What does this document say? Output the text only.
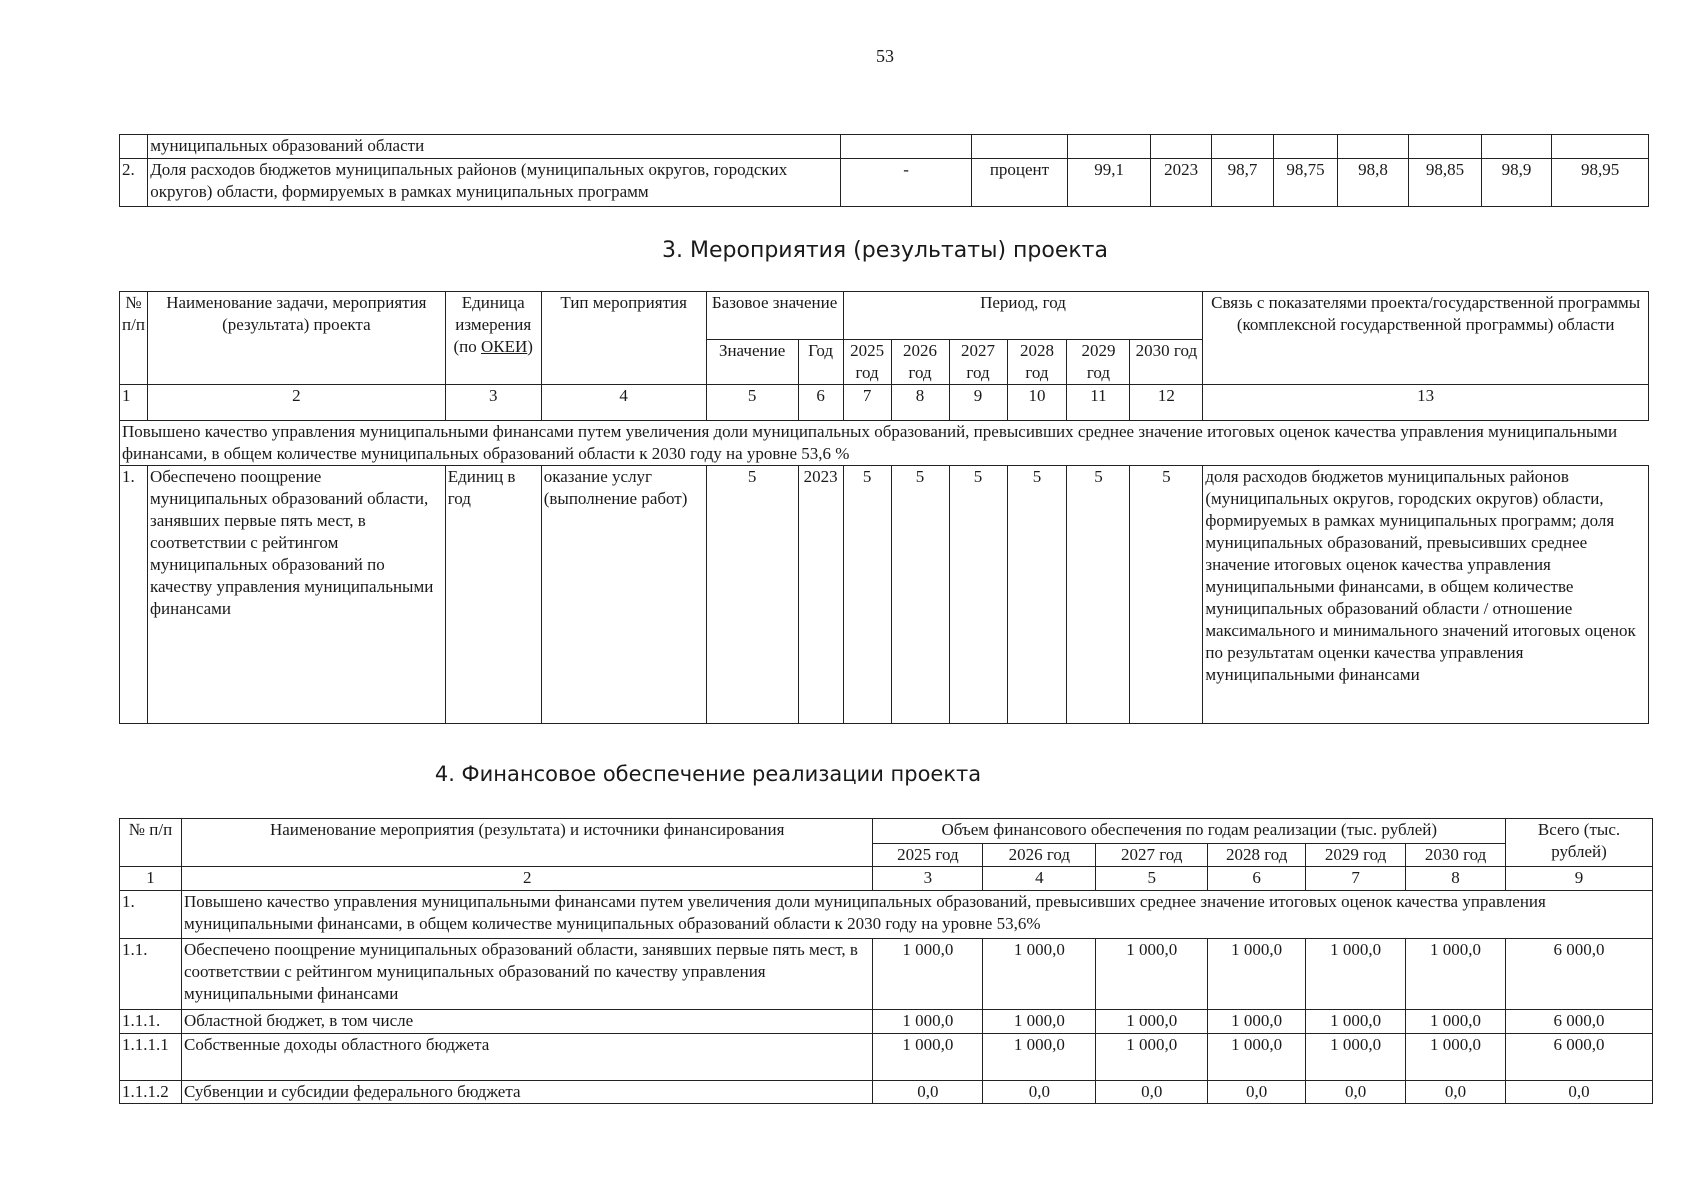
53
	муниципальных образований области										
2.	Доля расходов бюджетов муниципальных районов (муниципальных округов, городских округов) области, формируемых в рамках муниципальных программ	-	процент	99,1	2023	98,7	98,75	98,8	98,85	98,9	98,95
3. Мероприятия (результаты) проекта
№ п/п	Наименование задачи, мероприятия (результата) проекта	Единица измерения (по ОКЕИ)	Тип мероприятия	Базовое значение		Период, год						Связь с показателями проекта/государственной программы (комплексной государственной программы) области
				Значение	Год	2025 год	2026 год	2027 год	2028 год	2029 год	2030 год	
1	2	3	4	5	6	7	8	9	10	11	12	13
Повышено качество управления муниципальными финансами путем увеличения доли муниципальных образований, превысивших среднее значение итоговых оценок качества управления муниципальными финансами, в общем количестве муниципальных образований области к 2030 году на уровне 53,6 %												
1.	Обеспечено поощрение муниципальных образований области, занявших первые пять мест, в соответствии с рейтингом муниципальных образований по качеству управления муниципальными финансами	Единиц в год	оказание услуг (выполнение работ)	5	2023	5	5	5	5	5	5	доля расходов бюджетов муниципальных районов (муниципальных округов, городских округов) области, формируемых в рамках муниципальных программ; доля муниципальных образований, превысивших среднее значение итоговых оценок качества управления муниципальными финансами, в общем количестве муниципальных образований области / отношение максимального и минимального значений итоговых оценок по результатам оценки качества управления муниципальными финансами
4. Финансовое обеспечение реализации проекта
№ п/п	Наименование мероприятия (результата) и источники финансирования	Объем финансового обеспечения по годам реализации (тыс. рублей)						Всего (тыс. рублей)
		2025 год	2026 год	2027 год	2028 год	2029 год	2030 год	
1	2	3	4	5	6	7	8	9
1.	Повышено качество управления муниципальными финансами путем увеличения доли муниципальных образований, превысивших среднее значение итоговых оценок качества управления муниципальными финансами, в общем количестве муниципальных образований области к 2030 году на уровне 53,6%							
1.1.	Обеспечено поощрение муниципальных образований области, занявших первые пять мест, в соответствии с рейтингом муниципальных образований по качеству управления муниципальными финансами	1 000,0	1 000,0	1 000,0	1 000,0	1 000,0	1 000,0	6 000,0
1.1.1.	Областной бюджет, в том числе	1 000,0	1 000,0	1 000,0	1 000,0	1 000,0	1 000,0	6 000,0
1.1.1.1	Собственные доходы областного бюджета	1 000,0	1 000,0	1 000,0	1 000,0	1 000,0	1 000,0	6 000,0
1.1.1.2	Субвенции и субсидии федерального бюджета	0,0	0,0	0,0	0,0	0,0	0,0	0,0
